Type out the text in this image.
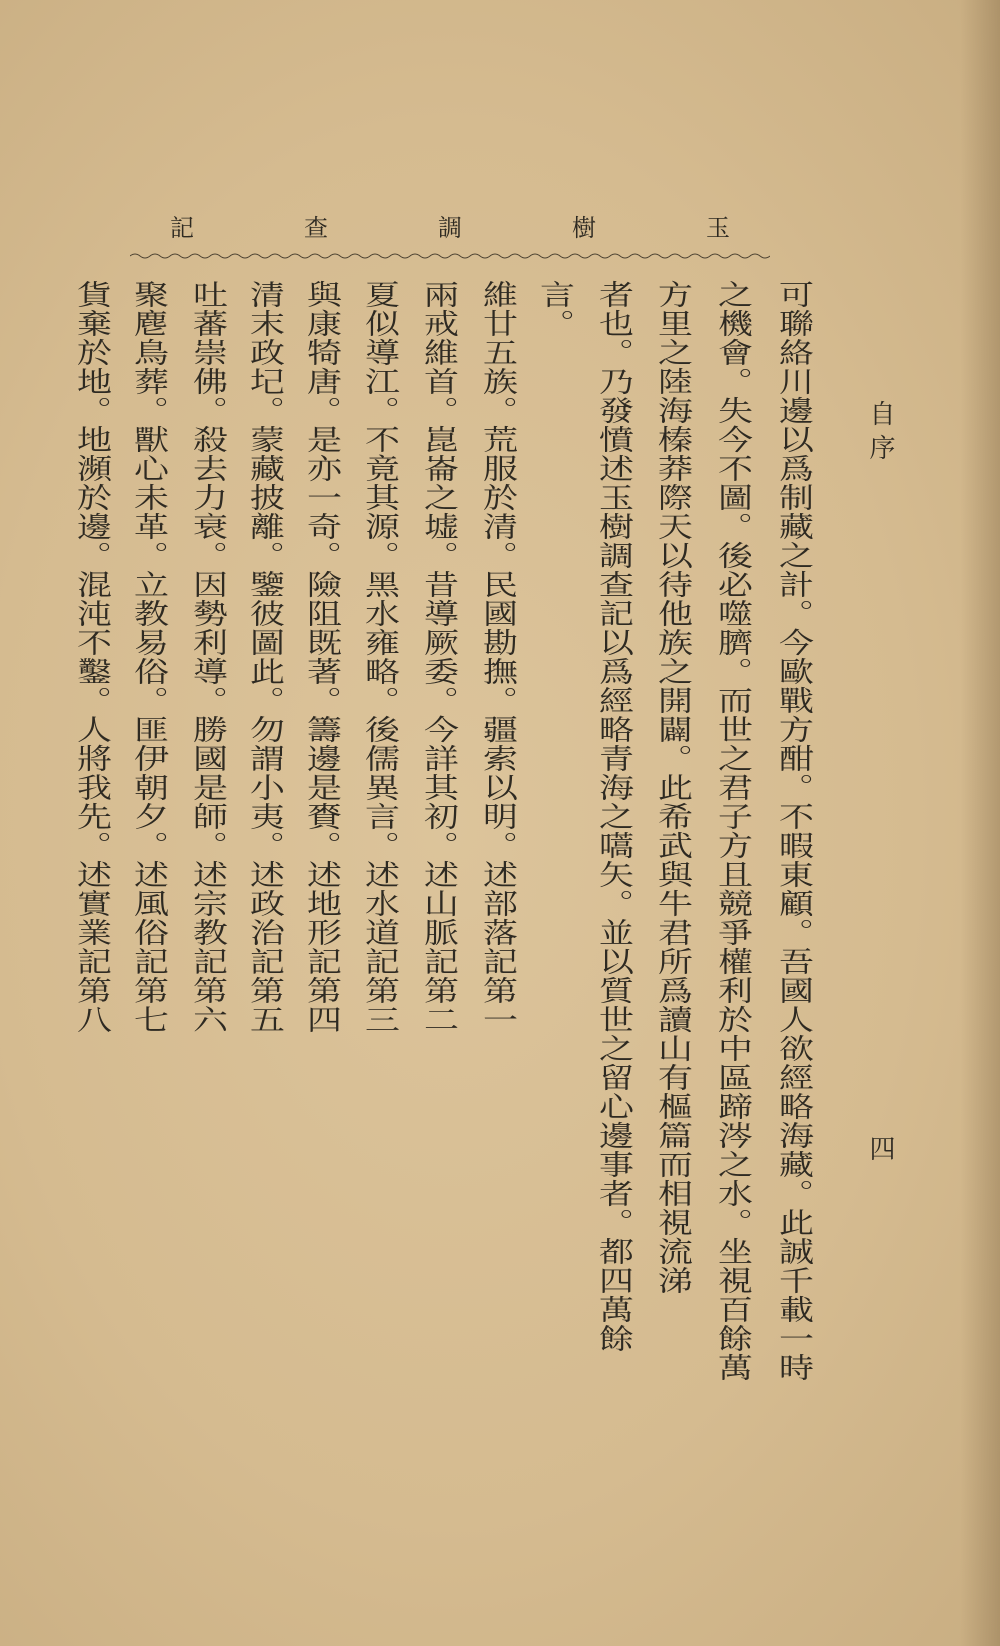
玉
樹
調
查
記
自 序
四
可聯絡川邊以爲制藏之計。今歐戰方酣。不暇東顧。吾國人欲經略海藏。此誠千載一時
之機會。失今不圖。後必噬臍。而世之君子方且競爭權利於中區蹄涔之水。坐視百餘萬
方里之陸海榛莽際天以待他族之開闢。此希武與牛君所爲讀山有樞篇而相視流涕
者也。乃發憤述玉樹調查記以爲經略青海之嚆矢。並以質世之留心邊事者。都四萬餘
言。
維廿五族。荒服於清。民國勘撫。疆索以明。述部落記第一
兩戒維首。崑崙之墟。昔導厥委。今詳其初。述山脈記第二
夏似導江。不竟其源。黑水雍略。後儒異言。述水道記第三
與康犄唐。是亦一奇。險阻既著。籌邊是賚。述地形記第四
清末政圮。蒙藏披離。鑒彼圖此。勿謂小夷。述政治記第五
吐蕃崇佛。殺去力衰。因勢利導。勝國是師。述宗教記第六
聚麀鳥葬。獸心未革。立教易俗。匪伊朝夕。述風俗記第七
貨棄於地。地瀕於邊。混沌不鑿。人將我先。述實業記第八
